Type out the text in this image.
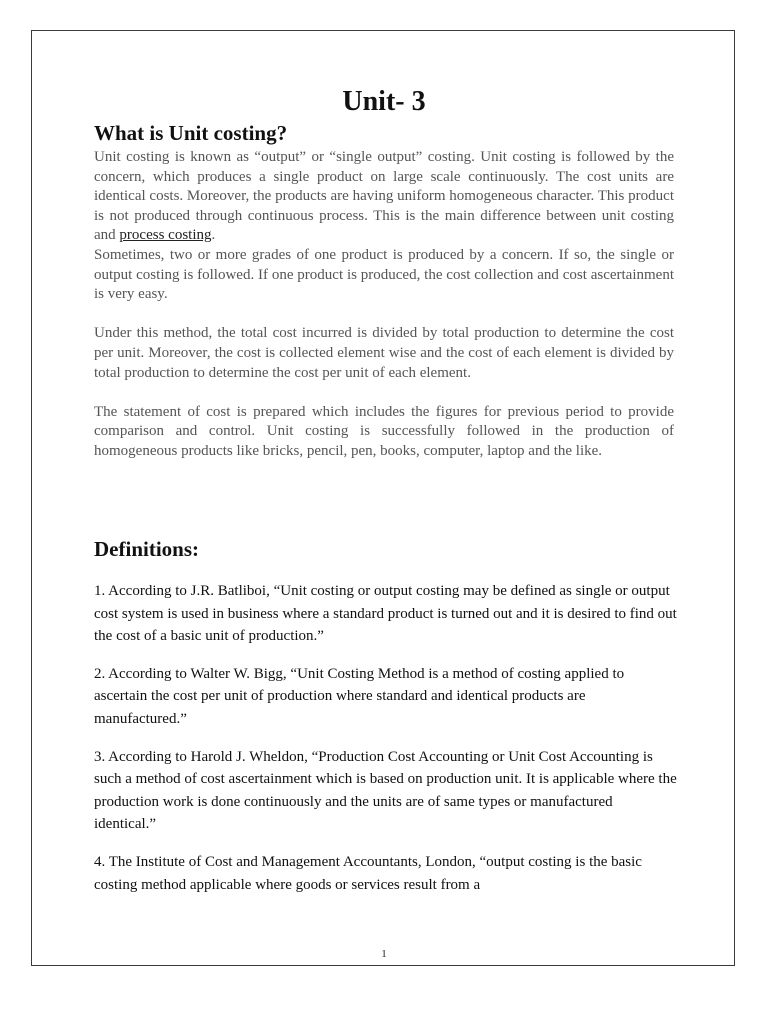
Unit- 3
What is Unit costing?

Unit costing is known as “output” or “single output” costing. Unit costing is followed by the concern, which produces a single product on large scale continuously. The cost units are identical costs. Moreover, the products are having uniform homogeneous character. This product is not produced through continuous process. This is the main difference between unit costing and process costing.

Sometimes, two or more grades of one product is produced by a concern. If so, the single or output costing is followed. If one product is produced, the cost collection and cost ascertainment is very easy.

Under this method, the total cost incurred is divided by total production to determine the cost per unit. Moreover, the cost is collected element wise and the cost of each element is divided by total production to determine the cost per unit of each element.

The statement of cost is prepared which includes the figures for previous period to provide comparison and control. Unit costing is successfully followed in the production of homogeneous products like bricks, pencil, pen, books, computer, laptop and the like.

Definitions:

1. According to J.R. Batliboi, “Unit costing or output costing may be defined as single or output cost system is used in business where a standard product is turned out and it is desired to find out the cost of a basic unit of production.”

2. According to Walter W. Bigg, “Unit Costing Method is a method of costing applied to ascertain the cost per unit of production where standard and identical products are manufactured.”

3. According to Harold J. Wheldon, “Production Cost Accounting or Unit Cost Accounting is such a method of cost ascertainment which is based on production unit. It is applicable where the production work is done continuously and the units are of same types or manufactured identical.”

4. The Institute of Cost and Management Accountants, London, “output costing is the basic costing method applicable where goods or services result from a

1
